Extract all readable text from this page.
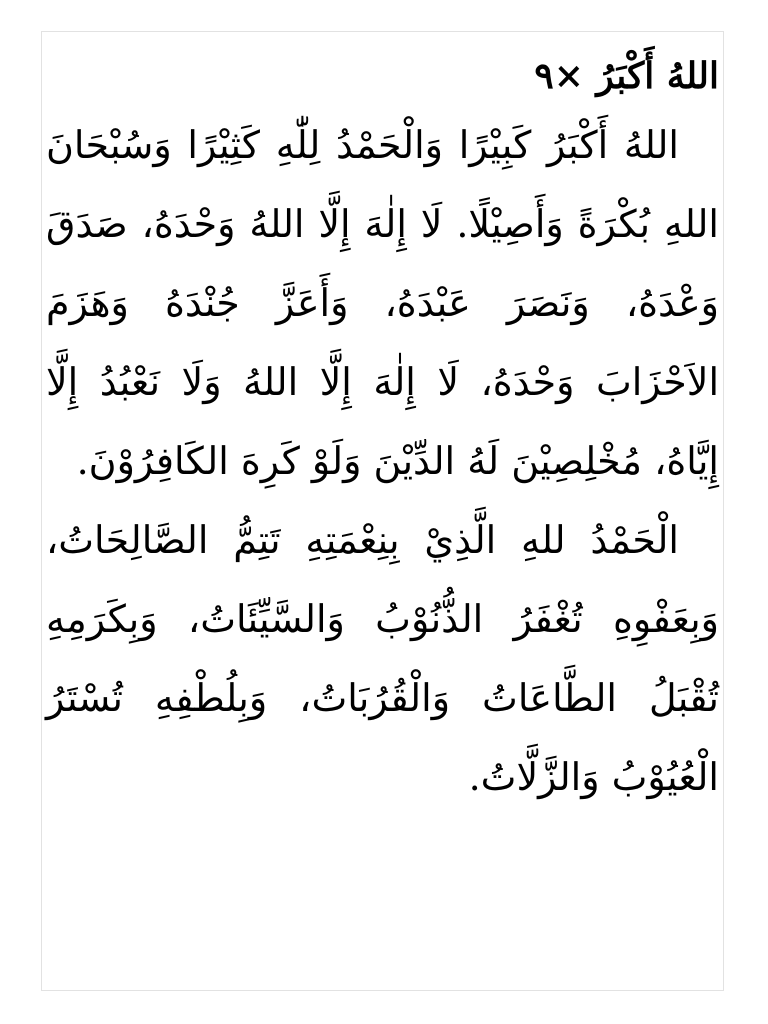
اللهُ أَكْبَرُ ×٩

اللهُ أَكْبَرُ كَبِيْرًا وَالْحَمْدُ لِلّٰهِ كَثِيْرًا وَسُبْحَانَ اللهِ بُكْرَةً وَأَصِيْلًا. لَا إِلٰهَ إِلَّا اللهُ وَحْدَهُ، صَدَقَ وَعْدَهُ، وَنَصَرَ عَبْدَهُ، وَأَعَزَّ جُنْدَهُ وَهَزَمَ الاَحْزَابَ وَحْدَهُ، لَا إِلٰهَ إِلَّا اللهُ وَلَا نَعْبُدُ إِلَّا إِيَّاهُ، مُخْلِصِيْنَ لَهُ الدِّيْنَ وَلَوْ كَرِهَ الكَافِرُوْنَ.

الْحَمْدُ للهِ الَّذِيْ بِنِعْمَتِهِ تَتِمُّ الصَّالِحَاتُ، وَبِعَفْوِهِ تُغْفَرُ الذُّنُوْبُ وَالسَّيِّئَاتُ، وَبِكَرَمِهِ تُقْبَلُ الطَّاعَاتُ وَالْقُرُبَاتُ، وَبِلُطْفِهِ تُسْتَرُ الْعُيُوْبُ وَالزَّلَّاتُ.
